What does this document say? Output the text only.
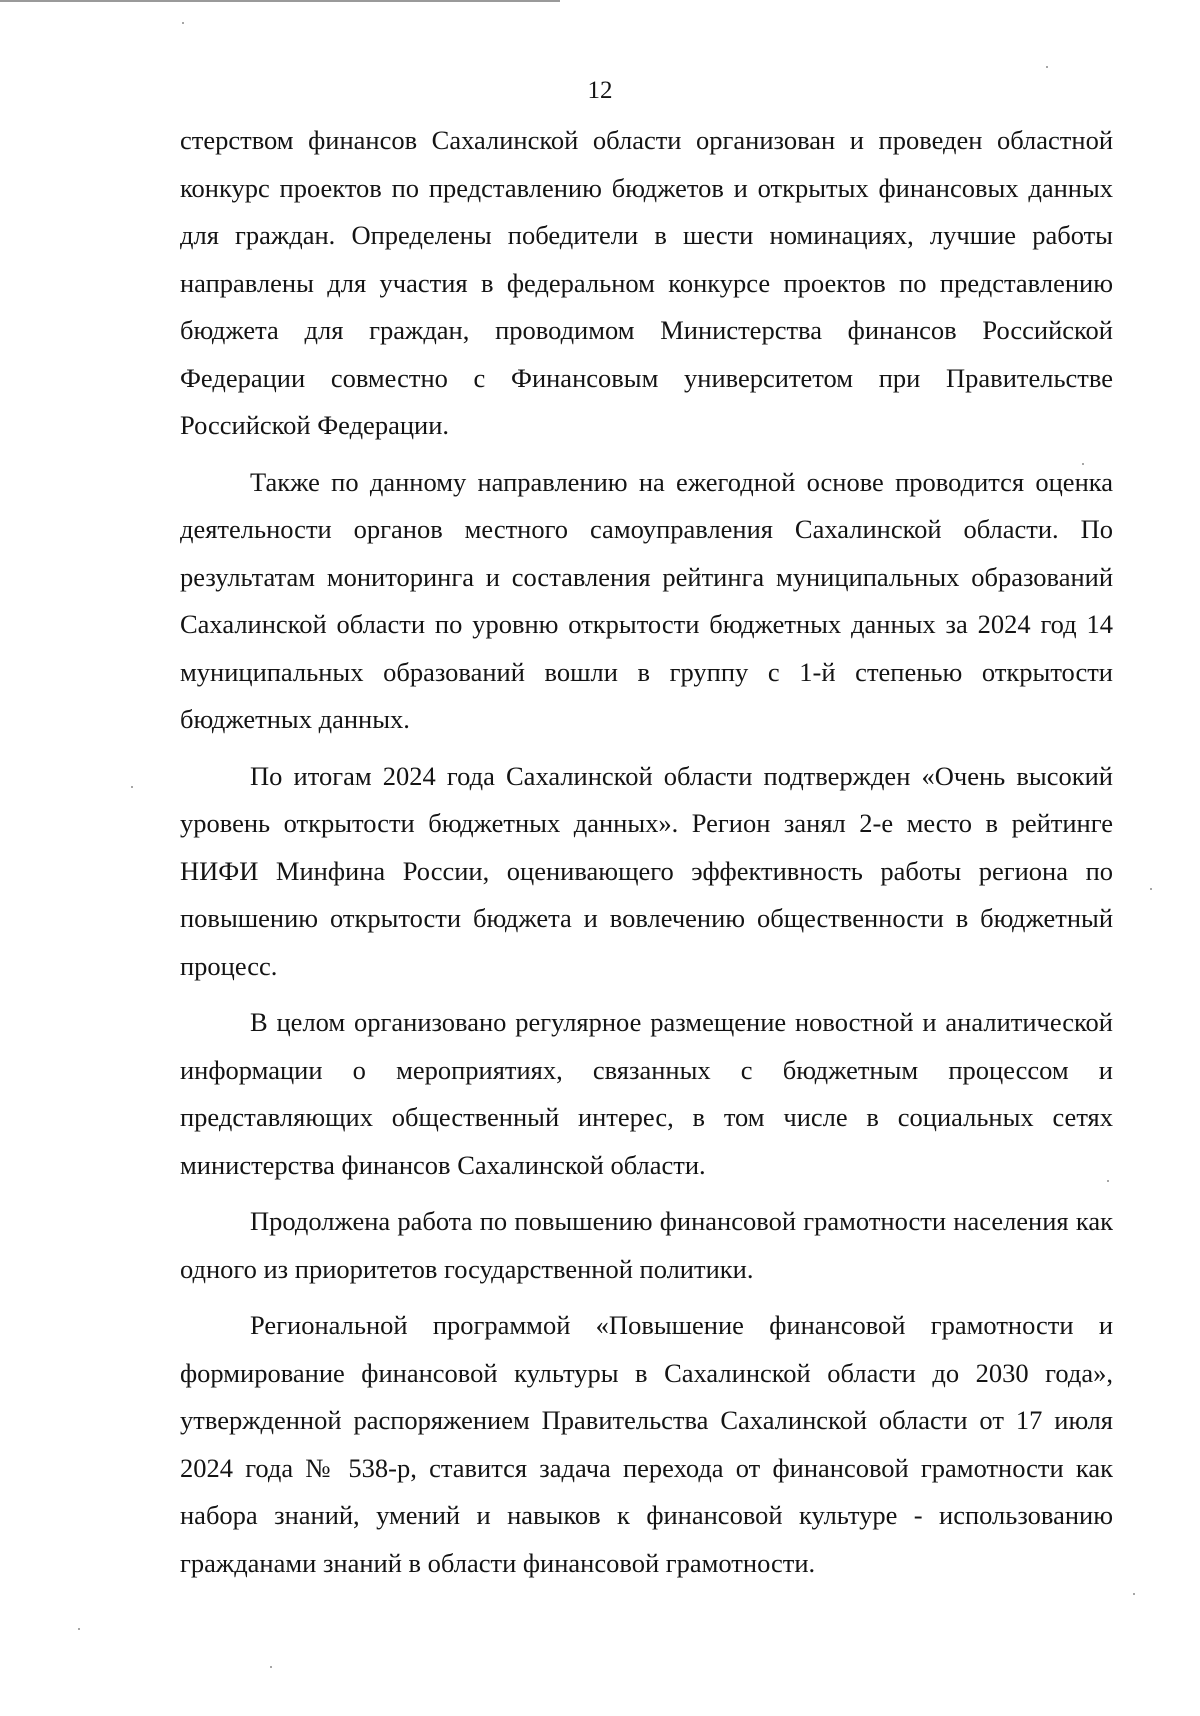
12

стерством финансов Сахалинской области организован и проведен областной конкурс проектов по представлению бюджетов и открытых финансовых данных для граждан. Определены победители в шести номинациях, лучшие работы направлены для участия в федеральном конкурсе проектов по представлению бюджета для граждан, проводимом Министерства финансов Российской Федерации совместно с Финансовым университетом при Правительстве Российской Федерации.

Также по данному направлению на ежегодной основе проводится оценка деятельности органов местного самоуправления Сахалинской области. По результатам мониторинга и составления рейтинга муниципальных образований Сахалинской области по уровню открытости бюджетных данных за 2024 год 14 муниципальных образований вошли в группу с 1-й степенью открытости бюджетных данных.

По итогам 2024 года Сахалинской области подтвержден «Очень высокий уровень открытости бюджетных данных». Регион занял 2-е место в рейтинге НИФИ Минфина России, оценивающего эффективность работы региона по повышению открытости бюджета и вовлечению общественности в бюджетный процесс.

В целом организовано регулярное размещение новостной и аналитической информации о мероприятиях, связанных с бюджетным процессом и представляющих общественный интерес, в том числе в социальных сетях министерства финансов Сахалинской области.

Продолжена работа по повышению финансовой грамотности населения как одного из приоритетов государственной политики.

Региональной программой «Повышение финансовой грамотности и формирование финансовой культуры в Сахалинской области до 2030 года», утвержденной распоряжением Правительства Сахалинской области от 17 июля 2024 года № 538-р, ставится задача перехода от финансовой грамотности как набора знаний, умений и навыков к финансовой культуре - использованию гражданами знаний в области финансовой грамотности.
